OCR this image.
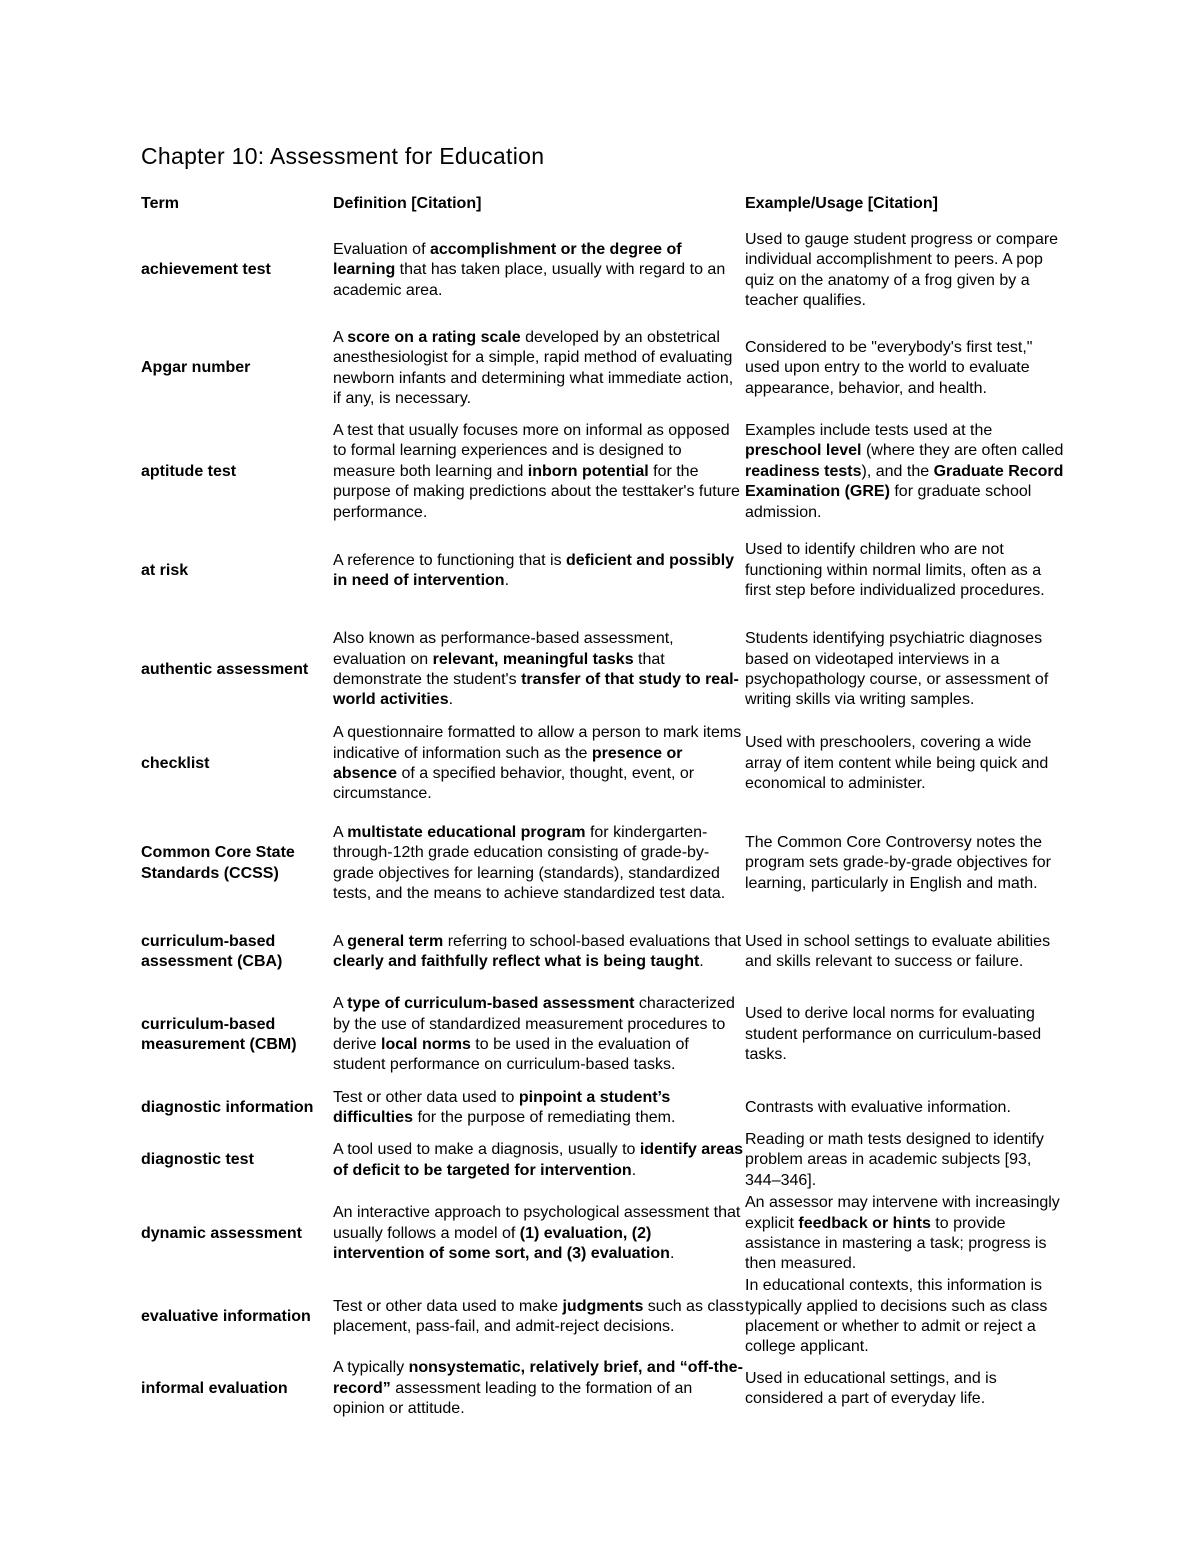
Chapter 10: Assessment for Education
Term	Definition [Citation]	Example/Usage [Citation]
achievement test	Evaluation of accomplishment or the degree of learning that has taken place, usually with regard to an academic area.	Used to gauge student progress or compare individual accomplishment to peers. A pop quiz on the anatomy of a frog given by a teacher qualifies.
Apgar number	A score on a rating scale developed by an obstetrical anesthesiologist for a simple, rapid method of evaluating newborn infants and determining what immediate action, if any, is necessary.	Considered to be "everybody's first test," used upon entry to the world to evaluate appearance, behavior, and health.
aptitude test	A test that usually focuses more on informal as opposed to formal learning experiences and is designed to measure both learning and inborn potential for the purpose of making predictions about the testtaker's future performance.	Examples include tests used at the preschool level (where they are often called readiness tests), and the Graduate Record Examination (GRE) for graduate school admission.
at risk	A reference to functioning that is deficient and possibly in need of intervention.	Used to identify children who are not functioning within normal limits, often as a first step before individualized procedures.
authentic assessment	Also known as performance-based assessment, evaluation on relevant, meaningful tasks that demonstrate the student's transfer of that study to real-world activities.	Students identifying psychiatric diagnoses based on videotaped interviews in a psychopathology course, or assessment of writing skills via writing samples.
checklist	A questionnaire formatted to allow a person to mark items indicative of information such as the presence or absence of a specified behavior, thought, event, or circumstance.	Used with preschoolers, covering a wide array of item content while being quick and economical to administer.
Common Core State Standards (CCSS)	A multistate educational program for kindergarten-through-12th grade education consisting of grade-by-grade objectives for learning (standards), standardized tests, and the means to achieve standardized test data.	The Common Core Controversy notes the program sets grade-by-grade objectives for learning, particularly in English and math.
curriculum-based assessment (CBA)	A general term referring to school-based evaluations that clearly and faithfully reflect what is being taught.	Used in school settings to evaluate abilities and skills relevant to success or failure.
curriculum-based measurement (CBM)	A type of curriculum-based assessment characterized by the use of standardized measurement procedures to derive local norms to be used in the evaluation of student performance on curriculum-based tasks.	Used to derive local norms for evaluating student performance on curriculum-based tasks.
diagnostic information	Test or other data used to pinpoint a student’s difficulties for the purpose of remediating them.	Contrasts with evaluative information.
diagnostic test	A tool used to make a diagnosis, usually to identify areas of deficit to be targeted for intervention.	Reading or math tests designed to identify problem areas in academic subjects [93, 344–346].
dynamic assessment	An interactive approach to psychological assessment that usually follows a model of (1) evaluation, (2) intervention of some sort, and (3) evaluation.	An assessor may intervene with increasingly explicit feedback or hints to provide assistance in mastering a task; progress is then measured.
evaluative information	Test or other data used to make judgments such as class placement, pass-fail, and admit-reject decisions.	In educational contexts, this information is typically applied to decisions such as class placement or whether to admit or reject a college applicant.
informal evaluation	A typically nonsystematic, relatively brief, and “off-the-record” assessment leading to the formation of an opinion or attitude.	Used in educational settings, and is considered a part of everyday life.
